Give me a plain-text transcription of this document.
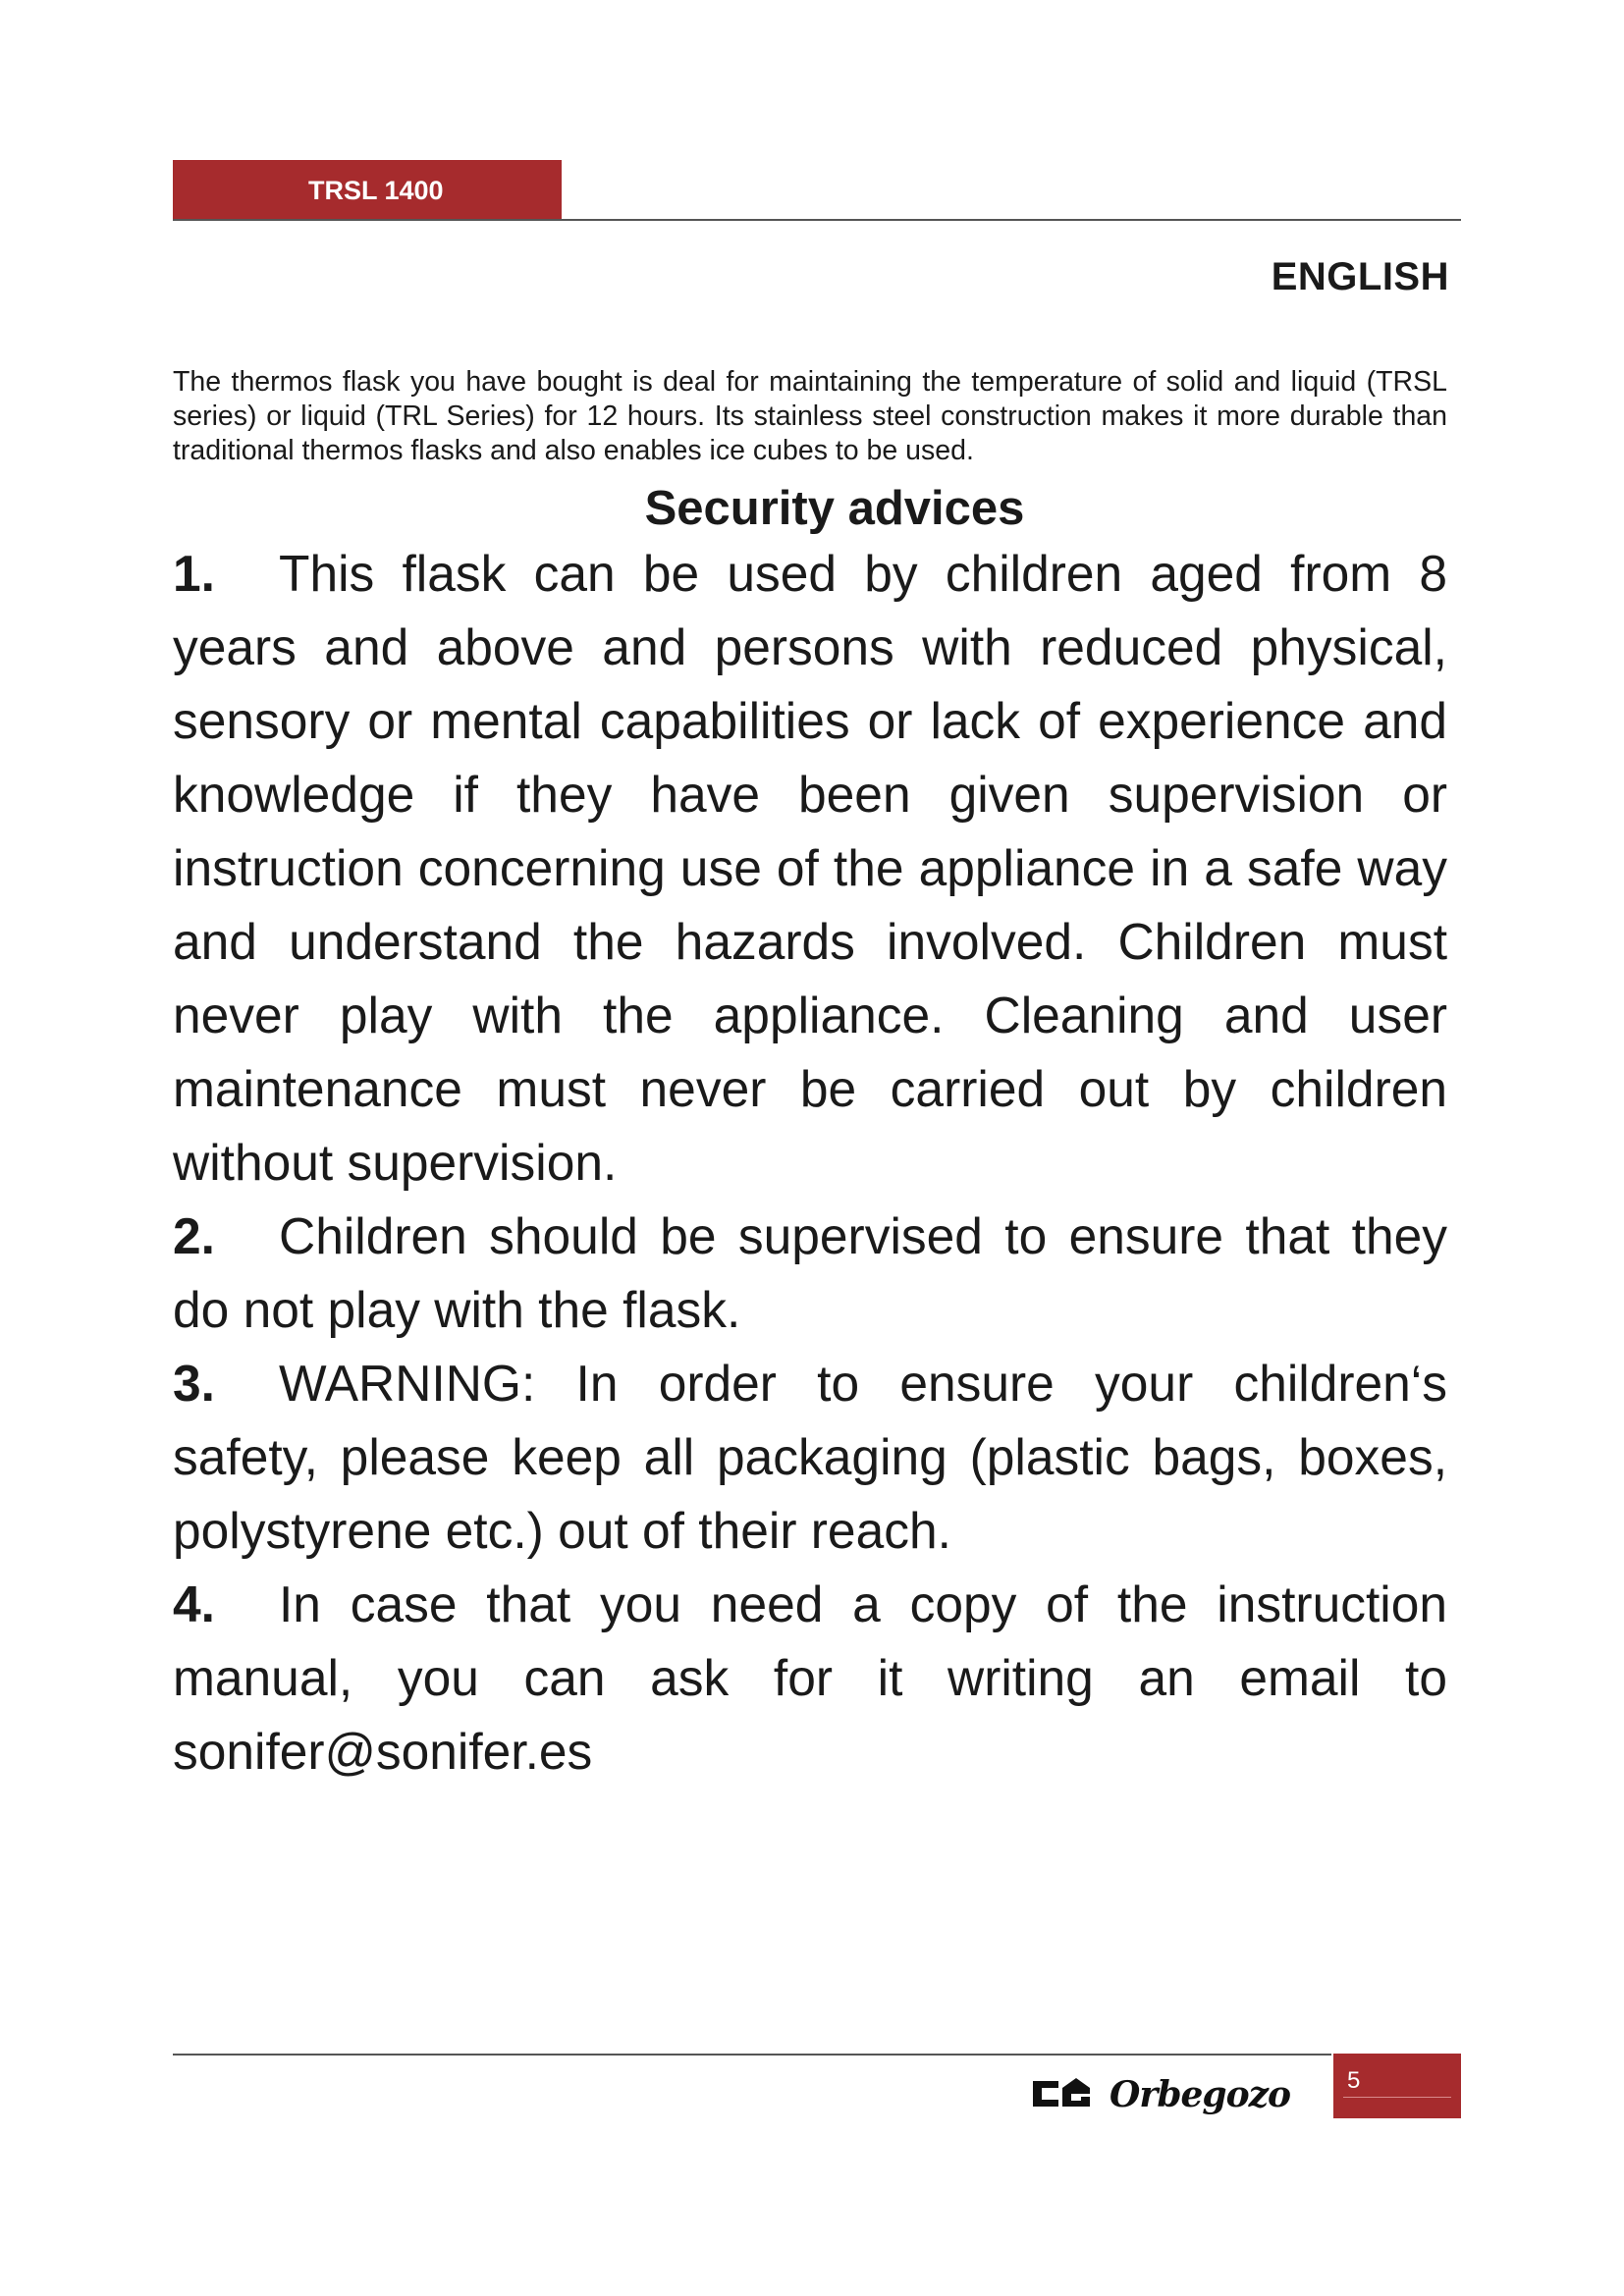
TRSL 1400
ENGLISH

The thermos flask you have bought is deal for maintaining the temperature of solid and liquid (TRSL series) or liquid (TRL Series) for 12 hours. Its stainless steel construction makes it more durable than traditional thermos flasks and also enables ice cubes to be used.

Security advices
1. This flask can be used by children aged from 8 years and above and persons with reduced physical, sensory or mental capabilities or lack of experience and knowledge if they have been given supervision or instruction concerning use of the appliance in a safe way and understand the hazards involved. Children must never play with the appliance. Cleaning and user maintenance must never be carried out by children without supervision.
2. Children should be supervised to ensure that they do not play with the flask.
3. WARNING: In order to ensure your children‘s safety, please keep all packaging (plastic bags, boxes, polystyrene etc.) out of their reach.
4. In case that you need a copy of the instruction manual, you can ask for it writing an email to sonifer@sonifer.es
Orbegozo	5
